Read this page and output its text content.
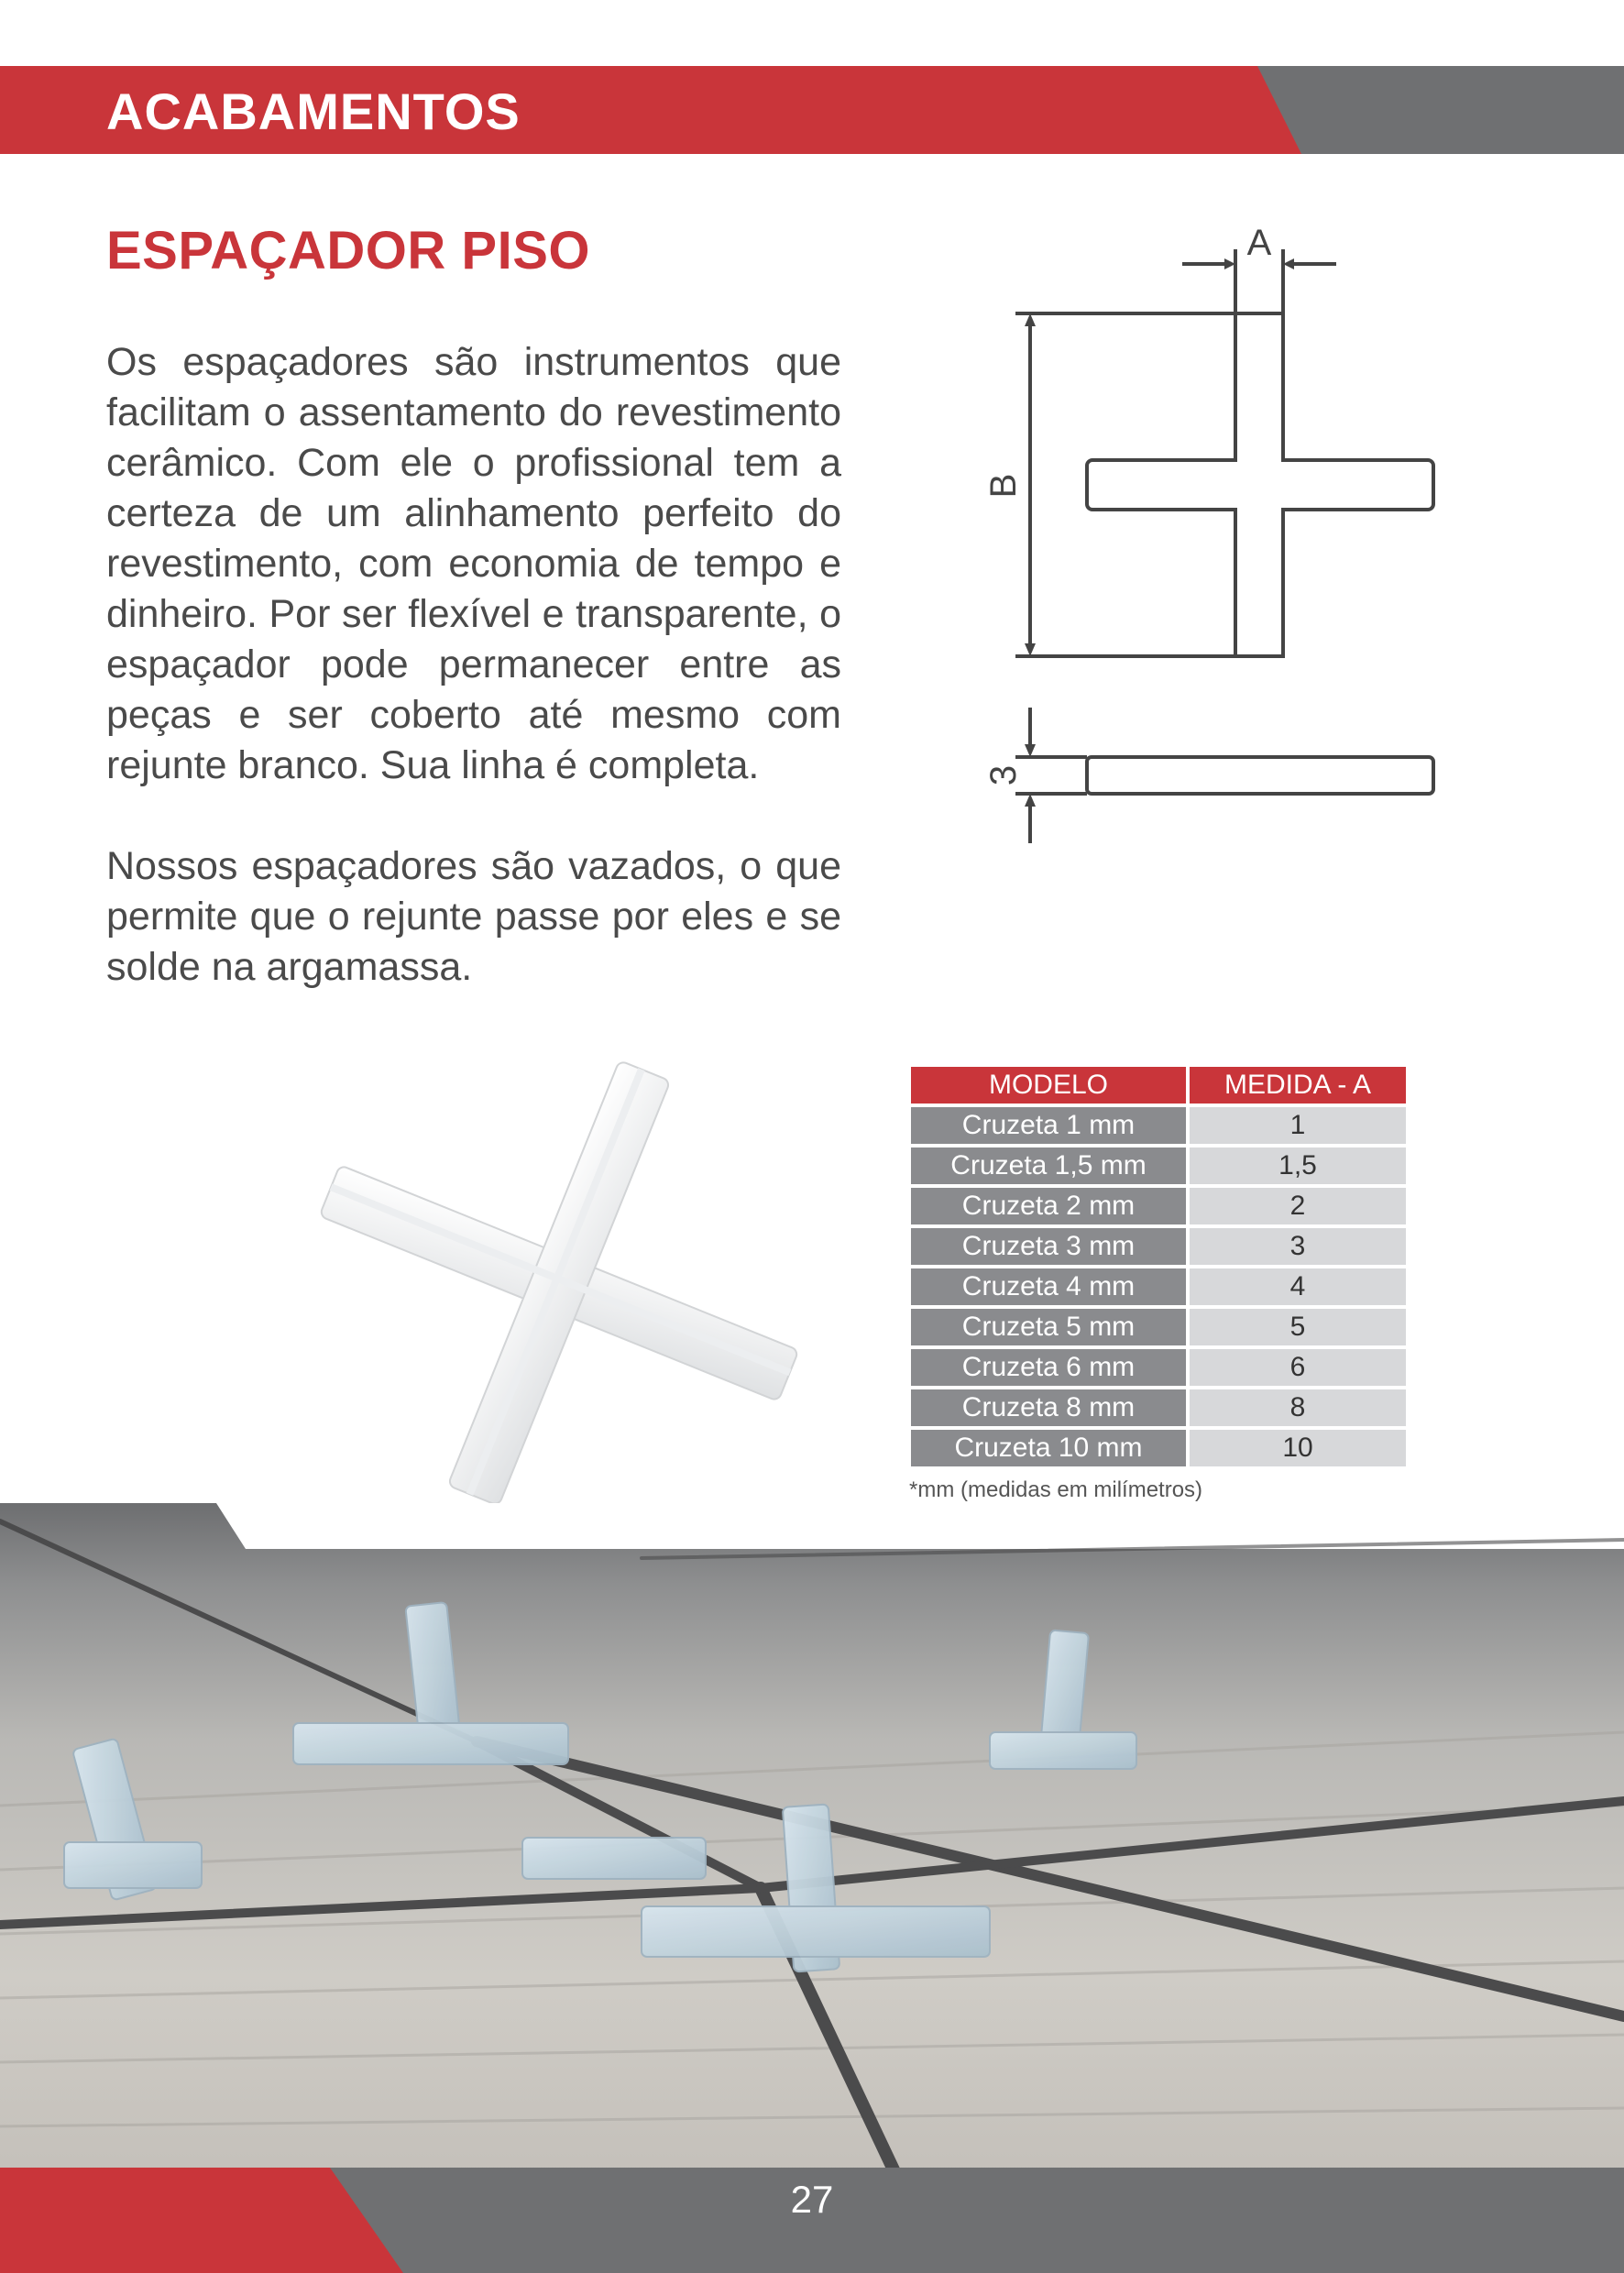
ACABAMENTOS
ESPAÇADOR PISO
Os espaçadores são instrumentos que facilitam o assentamento do revestimento cerâmico. Com ele o profissional tem a certeza de um alinhamento perfeito do revestimento, com economia de tempo e dinheiro. Por ser flexível e transparente, o espaçador pode permanecer entre as peças e ser coberto até mesmo com rejunte branco. Sua linha é completa.
Nossos espaçadores são vazados, o que permite que o rejunte passe por eles e se solde na argamassa.
A
B
3
MODELO	MEDIDA - A
Cruzeta 1 mm	1
Cruzeta 1,5 mm	1,5
Cruzeta 2 mm	2
Cruzeta 3 mm	3
Cruzeta 4 mm	4
Cruzeta 5 mm	5
Cruzeta 6 mm	6
Cruzeta 8 mm	8
Cruzeta 10 mm	10
*mm (medidas em milímetros)
27
